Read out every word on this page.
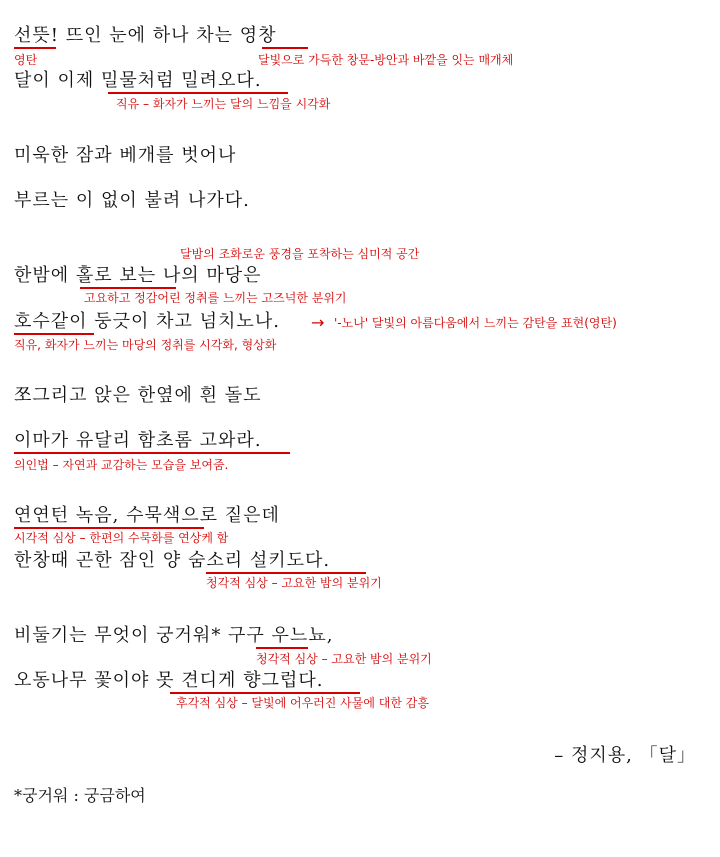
선뜻! 뜨인 눈에 하나 차는 영창
달이 이제 밀물처럼 밀려오다.
미욱한 잠과 베개를 벗어나
부르는 이 없이 불려 나가다.
한밤에 홀로 보는 나의 마당은
호수같이 둥긋이 차고 넘치노나.
쪼그리고 앉은 한옆에 흰 돌도
이마가 유달리 함초롬 고와라.
연연턴 녹음, 수묵색으로 짙은데
한창때 곤한 잠인 양 숨소리 설키도다.
비둘기는 무엇이 궁거워* 구구 우느뇨,
오동나무 꽃이야 못 견디게 향그럽다.
영탄	달빛으로 가득한 창문-방안과 바깥을 잇는 매개체
직유 – 화자가 느끼는 달의 느낌을 시각화
달밤의 조화로운 풍경을 포착하는 심미적 공간
고요하고 정감어린 정취를 느끼는 고즈넉한 분위기
→ '-노나' 달빛의 아름다움에서 느끼는 감탄을 표현(영탄)
직유, 화자가 느끼는 마당의 정취를 시각화, 형상화
의인법 – 자연과 교감하는 모습을 보여줌.
시각적 심상 – 한편의 수묵화를 연상케 함
청각적 심상 – 고요한 밤의 분위기
청각적 심상 – 고요한 밤의 분위기
후각적 심상 – 달빛에 어우러진 사물에 대한 감흥
– 정지용, 「달」
*궁거워 : 궁금하여
